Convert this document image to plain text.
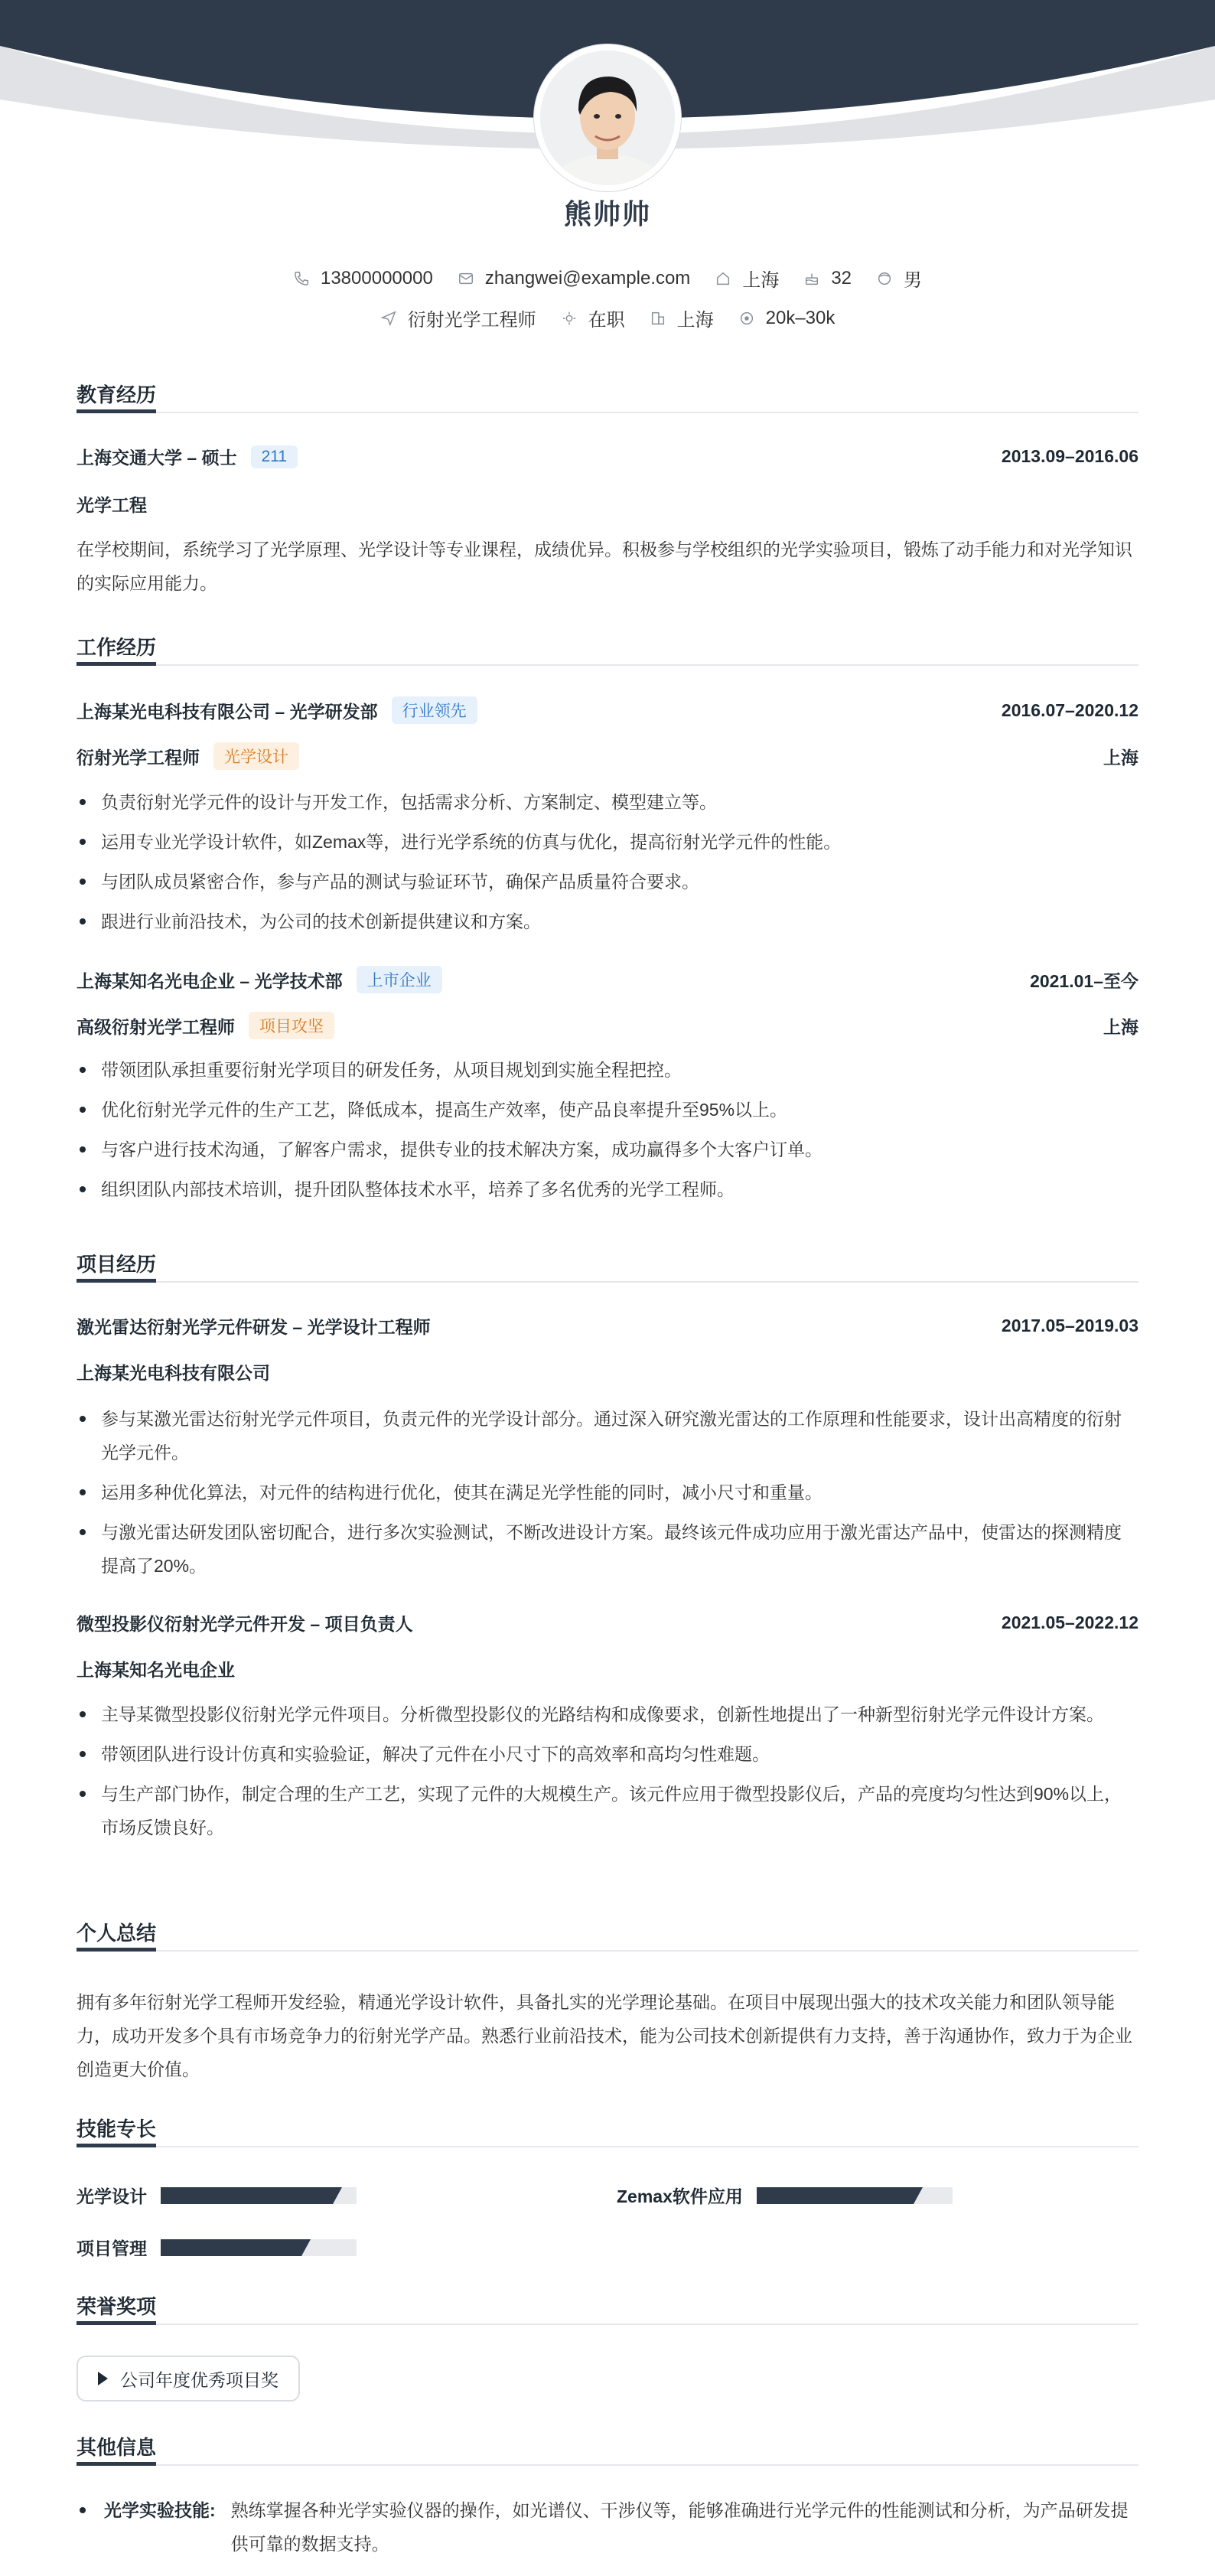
熊帅帅
13800000000	zhangwei@example.com	上海	32	男
衍射光学工程师	在职	上海	20k–30k
教育经历
上海交通大学 – 硕士	211	2013.09–2016.06
光学工程
在学校期间，系统学习了光学原理、光学设计等专业课程，成绩优异。积极参与学校组织的光学实验项目，锻炼了动手能力和对光学知识的实际应用能力。
工作经历
上海某光电科技有限公司 – 光学研发部	行业领先	2016.07–2020.12
衍射光学工程师	光学设计	上海
负责衍射光学元件的设计与开发工作，包括需求分析、方案制定、模型建立等。
运用专业光学设计软件，如Zemax等，进行光学系统的仿真与优化，提高衍射光学元件的性能。
与团队成员紧密合作，参与产品的测试与验证环节，确保产品质量符合要求。
跟进行业前沿技术，为公司的技术创新提供建议和方案。
上海某知名光电企业 – 光学技术部	上市企业	2021.01–至今
高级衍射光学工程师	项目攻坚	上海
带领团队承担重要衍射光学项目的研发任务，从项目规划到实施全程把控。
优化衍射光学元件的生产工艺，降低成本，提高生产效率，使产品良率提升至95%以上。
与客户进行技术沟通，了解客户需求，提供专业的技术解决方案，成功赢得多个大客户订单。
组织团队内部技术培训，提升团队整体技术水平，培养了多名优秀的光学工程师。
项目经历
激光雷达衍射光学元件研发 – 光学设计工程师	2017.05–2019.03
上海某光电科技有限公司
参与某激光雷达衍射光学元件项目，负责元件的光学设计部分。通过深入研究激光雷达的工作原理和性能要求，设计出高精度的衍射光学元件。
运用多种优化算法，对元件的结构进行优化，使其在满足光学性能的同时，减小尺寸和重量。
与激光雷达研发团队密切配合，进行多次实验测试，不断改进设计方案。最终该元件成功应用于激光雷达产品中，使雷达的探测精度提高了20%。
微型投影仪衍射光学元件开发 – 项目负责人	2021.05–2022.12
上海某知名光电企业
主导某微型投影仪衍射光学元件项目。分析微型投影仪的光路结构和成像要求，创新性地提出了一种新型衍射光学元件设计方案。
带领团队进行设计仿真和实验验证，解决了元件在小尺寸下的高效率和高均匀性难题。
与生产部门协作，制定合理的生产工艺，实现了元件的大规模生产。该元件应用于微型投影仪后，产品的亮度均匀性达到90%以上，市场反馈良好。
个人总结
拥有多年衍射光学工程师开发经验，精通光学设计软件，具备扎实的光学理论基础。在项目中展现出强大的技术攻关能力和团队领导能力，成功开发多个具有市场竞争力的衍射光学产品。熟悉行业前沿技术，能为公司技术创新提供有力支持，善于沟通协作，致力于为企业创造更大价值。
技能专长
光学设计	Zemax软件应用
项目管理
荣誉奖项
公司年度优秀项目奖
其他信息
光学实验技能: 熟练掌握各种光学实验仪器的操作，如光谱仪、干涉仪等，能够准确进行光学元件的性能测试和分析，为产品研发提供可靠的数据支持。
